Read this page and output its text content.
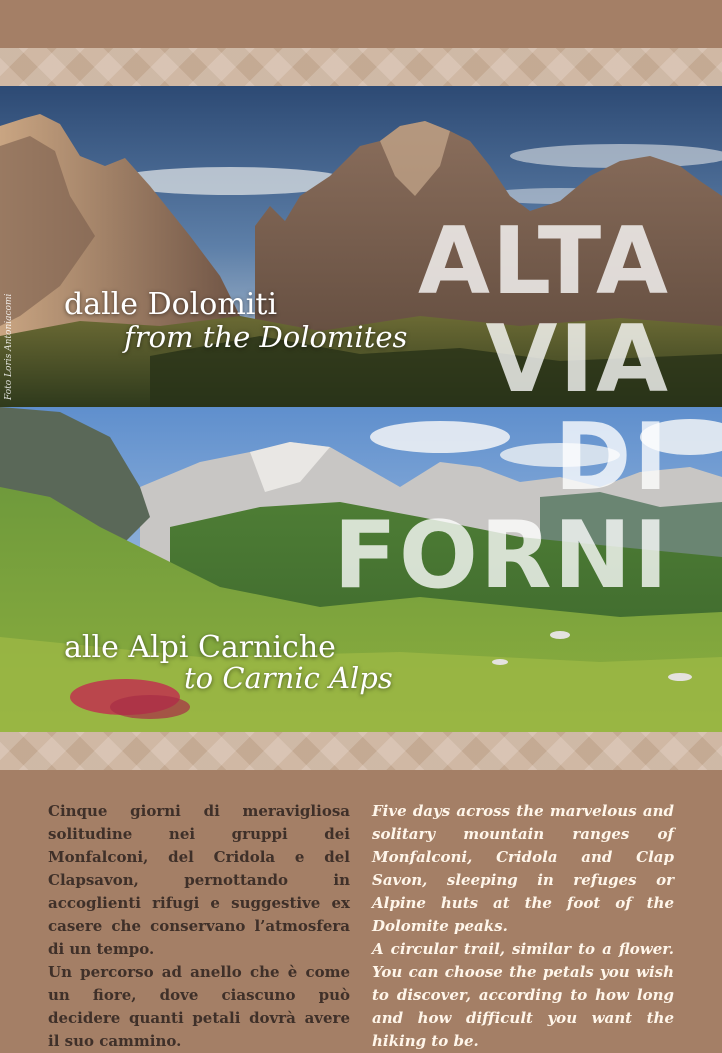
Foto Loris Antoniacomi dalle Dolomiti
from the Dolomites
alle Alpi Carniche
to Carnic Alps
ALTA
VIA
DI
FORNI

Cinque giorni di meravigliosa solitudine nei gruppi dei Monfalconi, del Cridola e del Clapsavon, pernottando in accoglienti rifugi e suggestive ex casere che conservano l’atmosfera di un tempo.

Un percorso ad anello che è come un fiore, dove ciascuno può decidere quanti petali dovrà avere il suo cammino.

Five days across the marvelous and solitary mountain ranges of Monfalconi, Cridola and Clap Savon, sleeping in refuges or Alpine huts at the foot of the Dolomite peaks.

A circular trail, similar to a flower. You can choose the petals you wish to discover, according to how long and how difficult you want the hiking to be.
